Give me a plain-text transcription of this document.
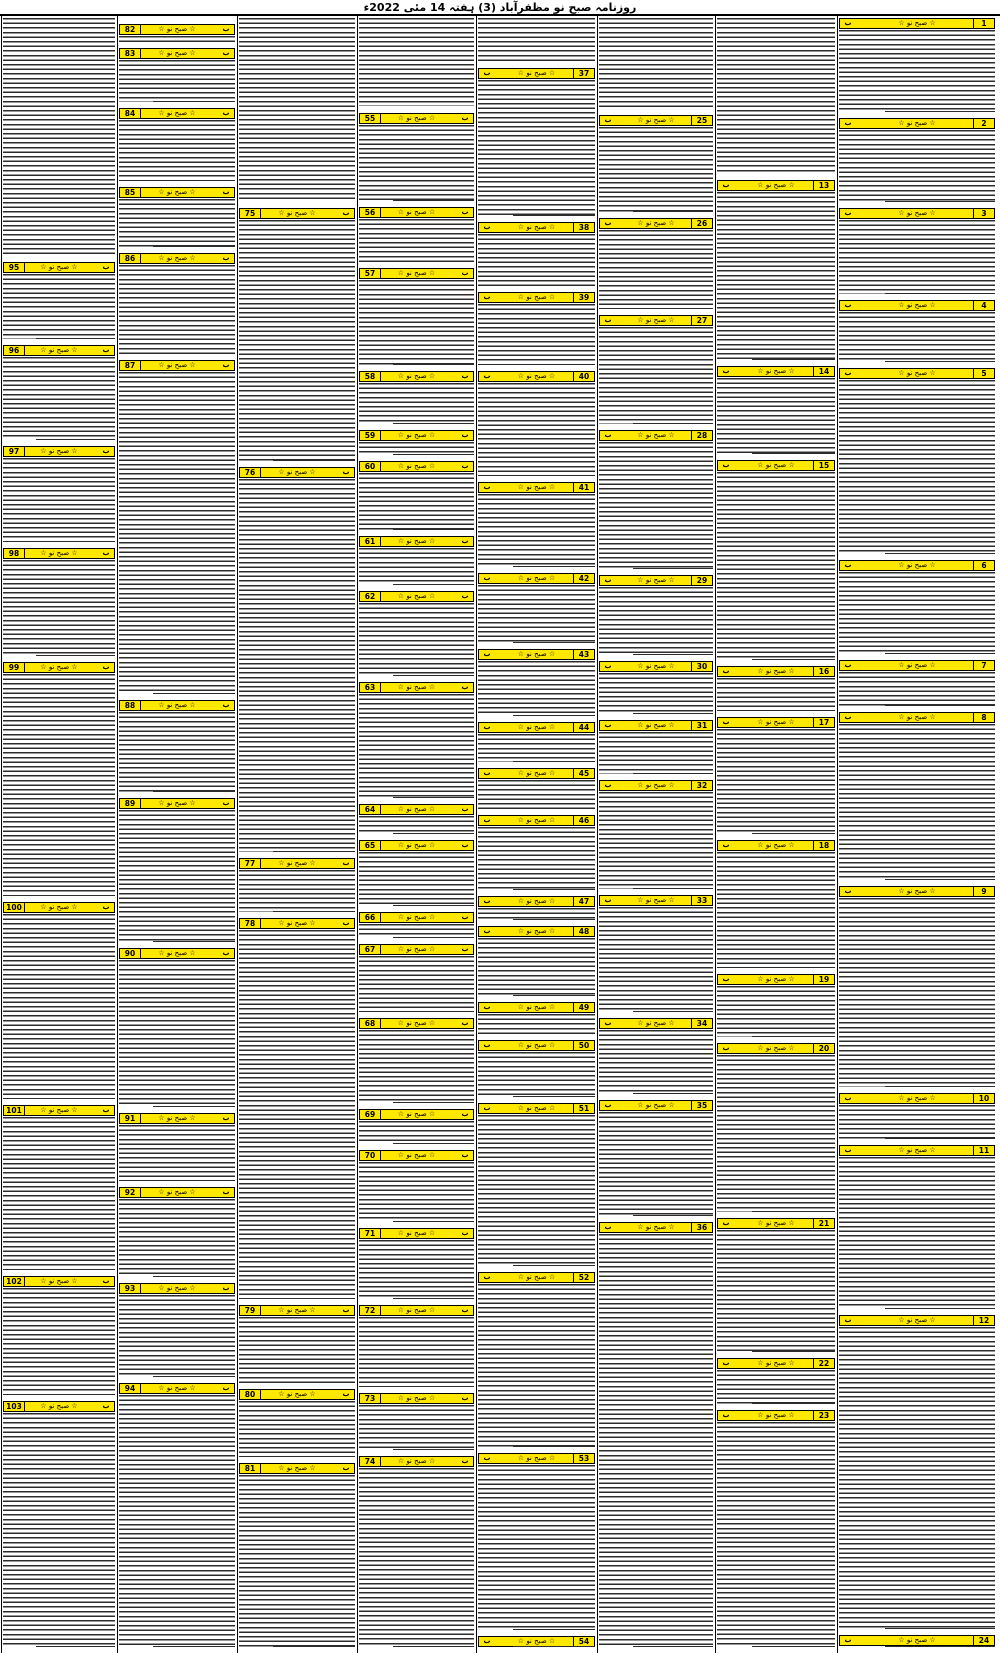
روزنامہ صبح نو مظفرآباد (3) ہفتہ 14 مئی 2022ء
1
☆ صبح نو ☆
ب
2
☆ صبح نو ☆
ب
3
☆ صبح نو ☆
ب
4
☆ صبح نو ☆
ب
5
☆ صبح نو ☆
ب
6
☆ صبح نو ☆
ب
7
☆ صبح نو ☆
ب
8
☆ صبح نو ☆
ب
9
☆ صبح نو ☆
ب
10
☆ صبح نو ☆
ب
11
☆ صبح نو ☆
ب
12
☆ صبح نو ☆
ب
24
☆ صبح نو ☆
ب
13
☆ صبح نو ☆
ب
14
☆ صبح نو ☆
ب
15
☆ صبح نو ☆
ب
16
☆ صبح نو ☆
ب
17
☆ صبح نو ☆
ب
18
☆ صبح نو ☆
ب
19
☆ صبح نو ☆
ب
20
☆ صبح نو ☆
ب
21
☆ صبح نو ☆
ب
22
☆ صبح نو ☆
ب
23
☆ صبح نو ☆
ب
25
☆ صبح نو ☆
ب
26
☆ صبح نو ☆
ب
27
☆ صبح نو ☆
ب
28
☆ صبح نو ☆
ب
29
☆ صبح نو ☆
ب
30
☆ صبح نو ☆
ب
31
☆ صبح نو ☆
ب
32
☆ صبح نو ☆
ب
33
☆ صبح نو ☆
ب
34
☆ صبح نو ☆
ب
35
☆ صبح نو ☆
ب
36
☆ صبح نو ☆
ب
37
☆ صبح نو ☆
ب
38
☆ صبح نو ☆
ب
39
☆ صبح نو ☆
ب
40
☆ صبح نو ☆
ب
41
☆ صبح نو ☆
ب
42
☆ صبح نو ☆
ب
43
☆ صبح نو ☆
ب
44
☆ صبح نو ☆
ب
45
☆ صبح نو ☆
ب
46
☆ صبح نو ☆
ب
47
☆ صبح نو ☆
ب
48
☆ صبح نو ☆
ب
49
☆ صبح نو ☆
ب
50
☆ صبح نو ☆
ب
51
☆ صبح نو ☆
ب
52
☆ صبح نو ☆
ب
53
☆ صبح نو ☆
ب
54
☆ صبح نو ☆
ب
55	☆ صبح نو ☆	ب
56	☆ صبح نو ☆	ب
57	☆ صبح نو ☆	ب
58	☆ صبح نو ☆	ب
59	☆ صبح نو ☆	ب
60	☆ صبح نو ☆	ب
61	☆ صبح نو ☆	ب
62	☆ صبح نو ☆	ب
63	☆ صبح نو ☆	ب
64	☆ صبح نو ☆	ب
65	☆ صبح نو ☆	ب
66	☆ صبح نو ☆	ب
67	☆ صبح نو ☆	ب
68	☆ صبح نو ☆	ب
69	☆ صبح نو ☆	ب
70	☆ صبح نو ☆	ب
71	☆ صبح نو ☆	ب
72	☆ صبح نو ☆	ب
73	☆ صبح نو ☆	ب
74	☆ صبح نو ☆	ب
75	☆ صبح نو ☆	ب
76	☆ صبح نو ☆	ب
77	☆ صبح نو ☆	ب
78	☆ صبح نو ☆	ب
79	☆ صبح نو ☆	ب
80	☆ صبح نو ☆	ب
81	☆ صبح نو ☆	ب
82	☆ صبح نو ☆	ب
83	☆ صبح نو ☆	ب
84	☆ صبح نو ☆	ب
85	☆ صبح نو ☆	ب
86	☆ صبح نو ☆	ب
87	☆ صبح نو ☆	ب
88	☆ صبح نو ☆	ب
89	☆ صبح نو ☆	ب
90	☆ صبح نو ☆	ب
91	☆ صبح نو ☆	ب
92	☆ صبح نو ☆	ب
93	☆ صبح نو ☆	ب
94	☆ صبح نو ☆	ب
95	☆ صبح نو ☆	ب
96	☆ صبح نو ☆	ب
97	☆ صبح نو ☆	ب
98	☆ صبح نو ☆	ب
99	☆ صبح نو ☆	ب
100	☆ صبح نو ☆	ب
101	☆ صبح نو ☆	ب
102	☆ صبح نو ☆	ب
103	☆ صبح نو ☆	ب
